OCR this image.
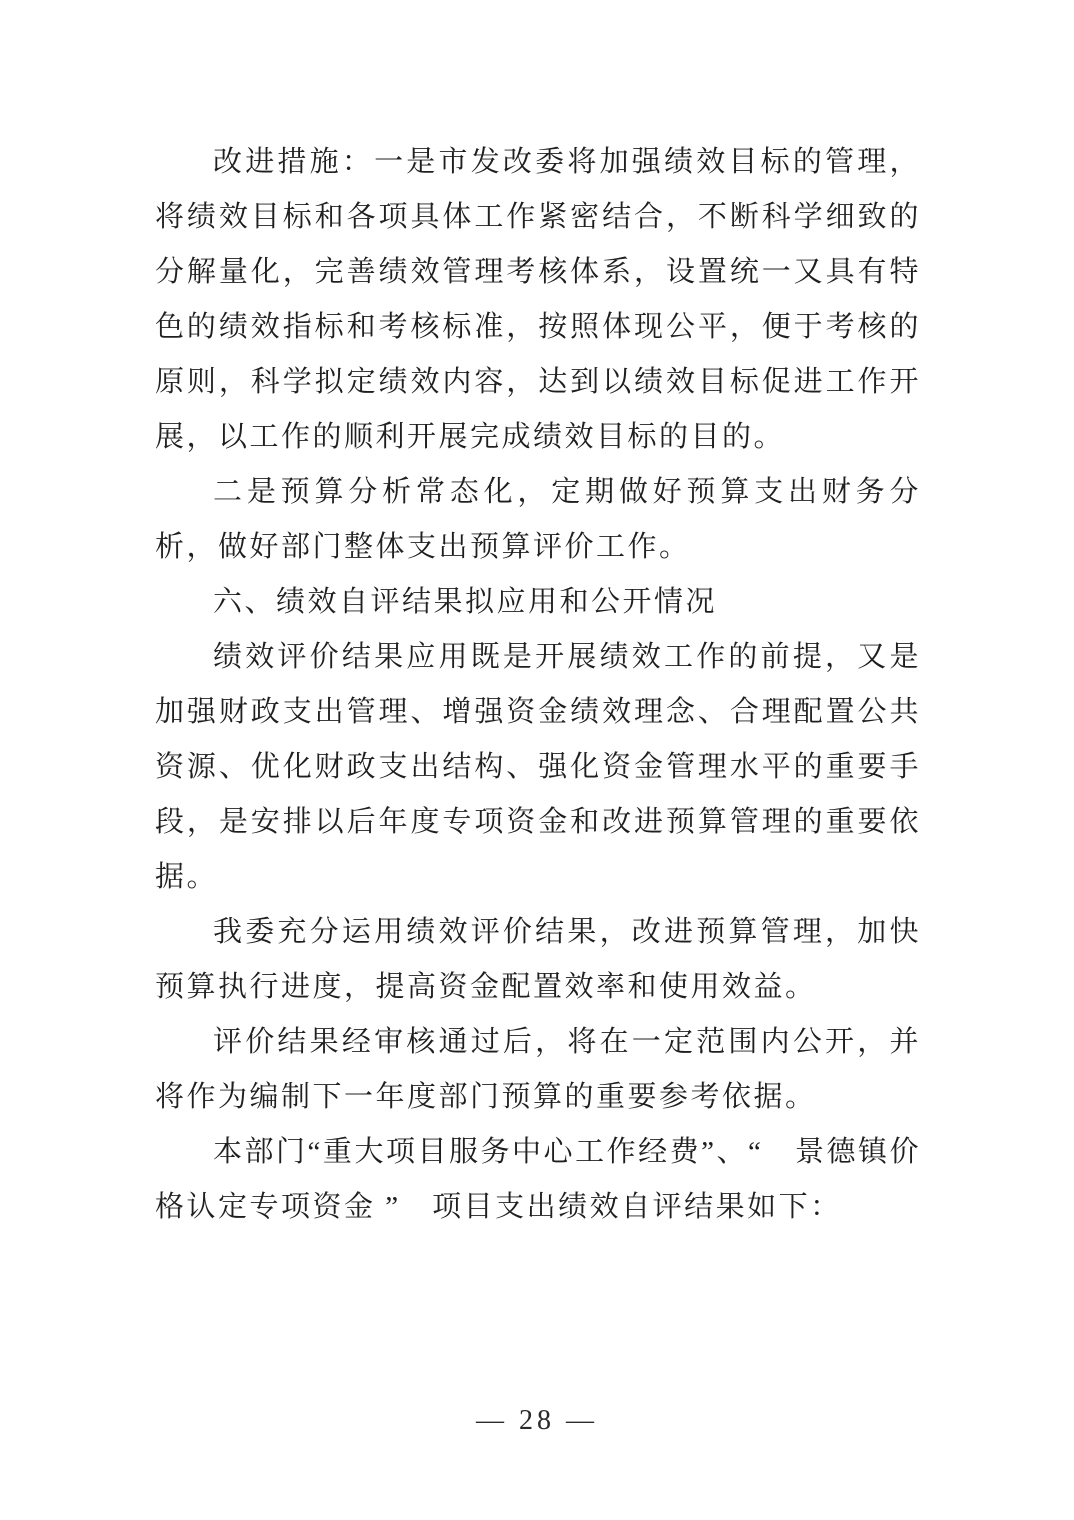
改进措施：一是市发改委将加强绩效目标的管理，将绩效目标和各项具体工作紧密结合，不断科学细致的分解量化，完善绩效管理考核体系，设置统一又具有特色的绩效指标和考核标准，按照体现公平，便于考核的原则，科学拟定绩效内容，达到以绩效目标促进工作开展，以工作的顺利开展完成绩效目标的目的。

二是预算分析常态化，定期做好预算支出财务分析，做好部门整体支出预算评价工作。

六、绩效自评结果拟应用和公开情况

绩效评价结果应用既是开展绩效工作的前提，又是加强财政支出管理、增强资金绩效理念、合理配置公共资源、优化财政支出结构、强化资金管理水平的重要手段，是安排以后年度专项资金和改进预算管理的重要依据。

我委充分运用绩效评价结果，改进预算管理，加快预算执行进度，提高资金配置效率和使用效益。

评价结果经审核通过后，将在一定范围内公开，并将作为编制下一年度部门预算的重要参考依据。

本部门“重大项目服务中心工作经费”、“　景德镇价格认定专项资金 ”　项目支出绩效自评结果如下：

— 28 —
